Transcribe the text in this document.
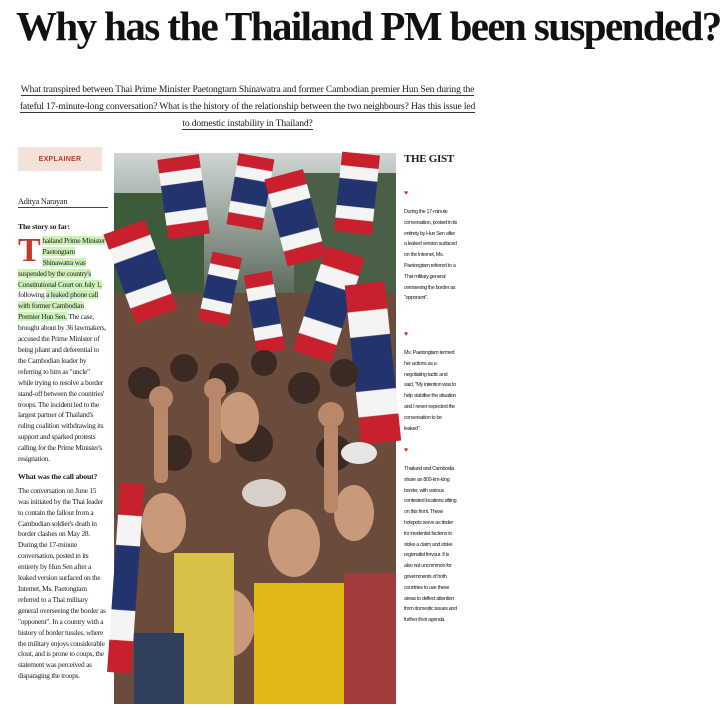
Why has the Thailand PM been suspended?
What transpired between Thai Prime Minister Paetongtarn Shinawatra and former Cambodian premier Hun Sen during the fateful 17-minute-long conversation? What is the history of the relationship between the two neighbours? Has this issue led to domestic instability in Thailand?
EXPLAINER
Aditya Narayan
The story so far:
Thailand Prime Minister Paetongtarn Shinawatra was suspended by the country's Constitutional Court on July 1, following a leaked phone call with former Cambodian Premier Hun Sen. The case, brought about by 36 lawmakers, accused the Prime Minister of being pliant and deferential to the Cambodian leader by referring to him as "uncle" while trying to resolve a border stand-off between the countries' troops. The incident led to the largest partner of Thailand's ruling coalition withdrawing its support and sparked protests calling for the Prime Minister's resignation.
What was the call about?
The conversation on June 15 was initiated by the Thai leader to contain the fallout from a Cambodian soldier's death in border clashes on May 28. During the 17-minute conversation, posted in its entirety by Hun Sen after a leaked version surfaced on the Internet, Ms. Paetongtarn referred to a Thai military general overseeing the border as "opponent". In a country with a history of border tussles, where the military enjoys considerable clout, and is prone to coups, the statement was perceived as disparaging the troops.
THE GIST
♥
During the 17-minute conversation, posted in its entirety by Hun Sen after a leaked version surfaced on the Internet, Ms. Paetongtarn referred to a Thai military general overseeing the border as "opponent".
♥
Ms. Paetongtarn termed her actions as a negotiating tactic and said, "My intention was to help stabilise the situation and I never expected the conversation to be leaked".
♥
Thailand and Cambodia share an 800-km-long border, with various contested locations sitting on this front. These hotspots serve as tinder for irredentist factions to stoke a claim and stoke regionalist fervour. It is also not uncommon for governments of both countries to use these areas to deflect attention from domestic issues and further their agenda.
